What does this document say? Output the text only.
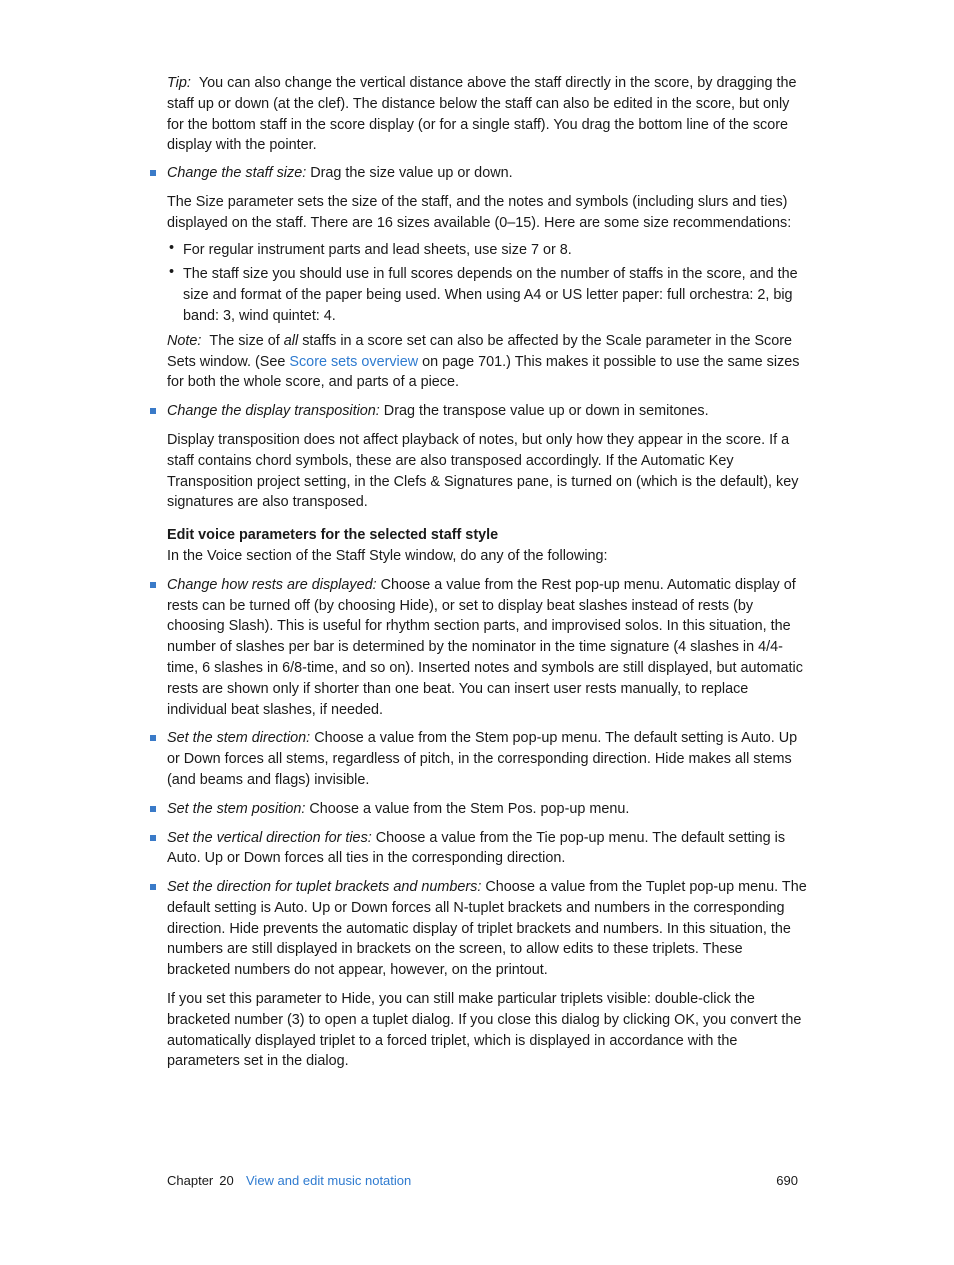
Tip: You can also change the vertical distance above the staff directly in the score, by dragging the staff up or down (at the clef). The distance below the staff can also be edited in the score, but only for the bottom staff in the score display (or for a single staff). You drag the bottom line of the score display with the pointer.

Change the staff size: Drag the size value up or down.

The Size parameter sets the size of the staff, and the notes and symbols (including slurs and ties) displayed on the staff. There are 16 sizes available (0–15). Here are some size recommendations:

• For regular instrument parts and lead sheets, use size 7 or 8.

• The staff size you should use in full scores depends on the number of staffs in the score, and the size and format of the paper being used. When using A4 or US letter paper: full orchestra: 2, big band: 3, wind quintet: 4.

Note: The size of all staffs in a score set can also be affected by the Scale parameter in the Score Sets window. (See Score sets overview on page 701.) This makes it possible to use the same sizes for both the whole score, and parts of a piece.

Change the display transposition: Drag the transpose value up or down in semitones.

Display transposition does not affect playback of notes, but only how they appear in the score. If a staff contains chord symbols, these are also transposed accordingly. If the Automatic Key Transposition project setting, in the Clefs & Signatures pane, is turned on (which is the default), key signatures are also transposed.

Edit voice parameters for the selected staff style

In the Voice section of the Staff Style window, do any of the following:

Change how rests are displayed: Choose a value from the Rest pop-up menu. Automatic display of rests can be turned off (by choosing Hide), or set to display beat slashes instead of rests (by choosing Slash). This is useful for rhythm section parts, and improvised solos. In this situation, the number of slashes per bar is determined by the nominator in the time signature (4 slashes in 4/4-time, 6 slashes in 6/8-time, and so on). Inserted notes and symbols are still displayed, but automatic rests are shown only if shorter than one beat. You can insert user rests manually, to replace individual beat slashes, if needed.

Set the stem direction: Choose a value from the Stem pop-up menu. The default setting is Auto. Up or Down forces all stems, regardless of pitch, in the corresponding direction. Hide makes all stems (and beams and flags) invisible.

Set the stem position: Choose a value from the Stem Pos. pop-up menu.

Set the vertical direction for ties: Choose a value from the Tie pop-up menu. The default setting is Auto. Up or Down forces all ties in the corresponding direction.

Set the direction for tuplet brackets and numbers: Choose a value from the Tuplet pop-up menu. The default setting is Auto. Up or Down forces all N-tuplet brackets and numbers in the corresponding direction. Hide prevents the automatic display of triplet brackets and numbers. In this situation, the numbers are still displayed in brackets on the screen, to allow edits to these triplets. These bracketed numbers do not appear, however, on the printout.

If you set this parameter to Hide, you can still make particular triplets visible: double-click the bracketed number (3) to open a tuplet dialog. If you close this dialog by clicking OK, you convert the automatically displayed triplet to a forced triplet, which is displayed in accordance with the parameters set in the dialog.

Chapter 20 View and edit music notation	690
